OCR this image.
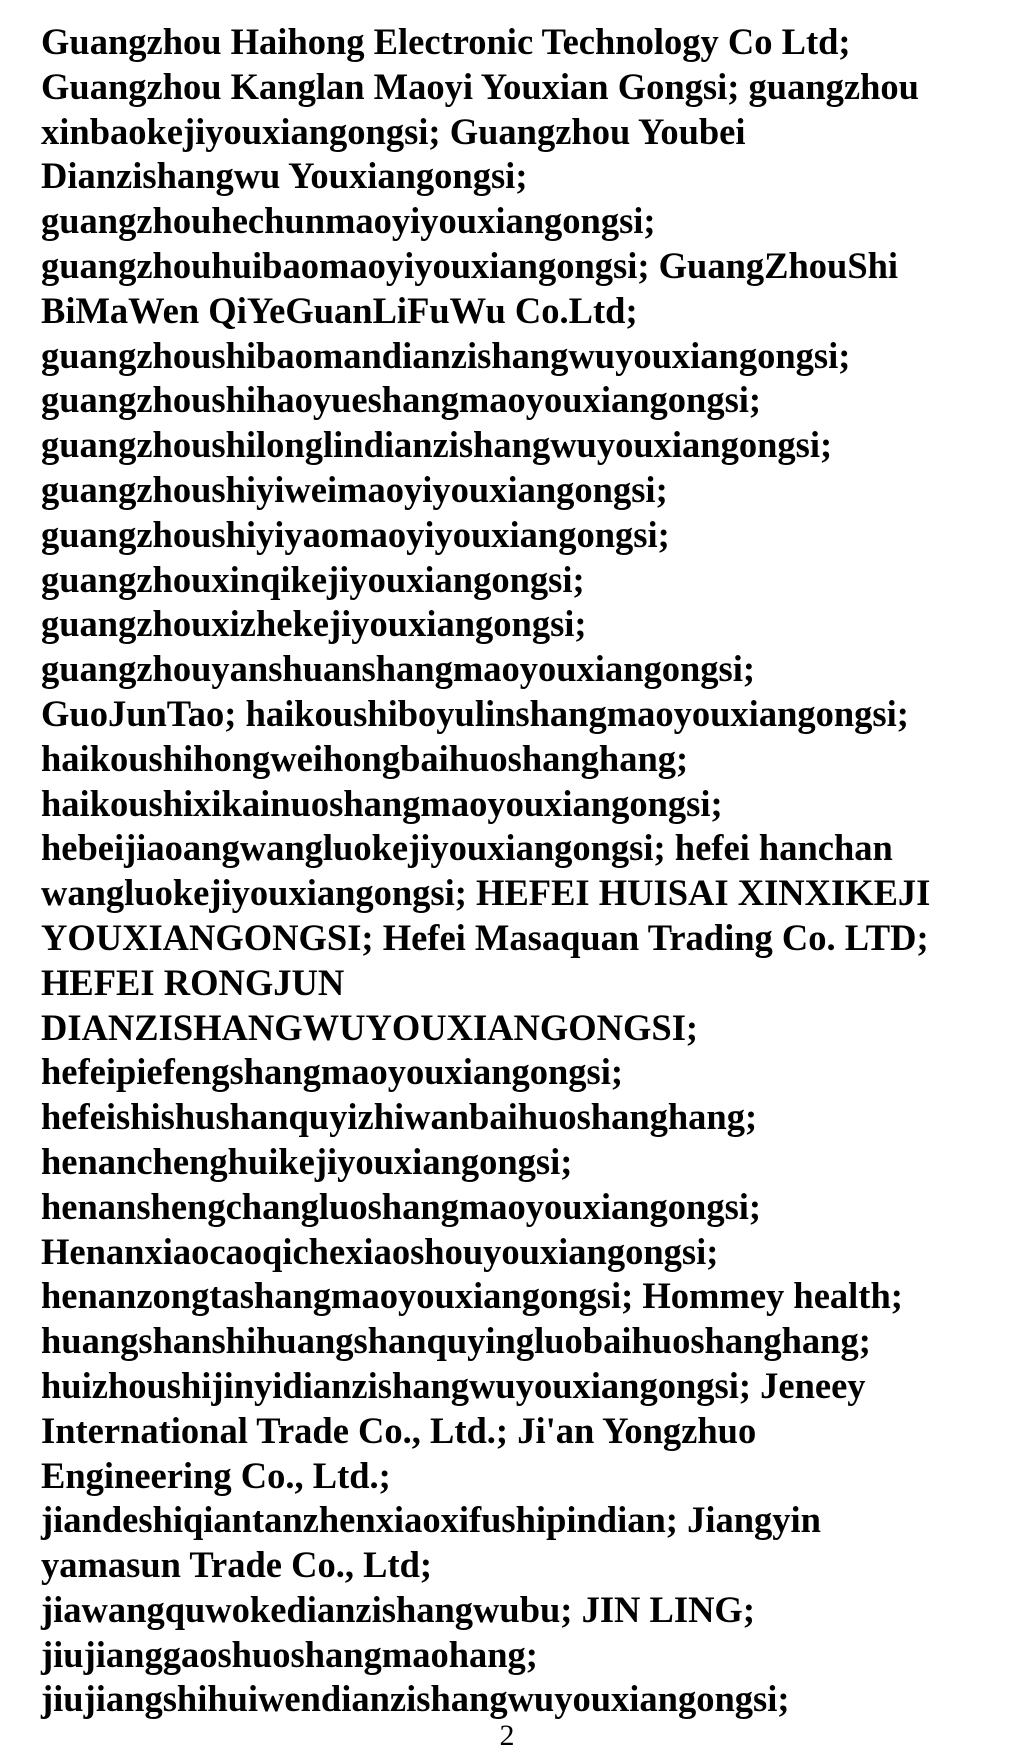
Guangzhou Haihong Electronic Technology Co Ltd;
Guangzhou Kanglan Maoyi Youxian Gongsi; guangzhou
xinbaokejiyouxiangongsi; Guangzhou Youbei
Dianzishangwu Youxiangongsi;
guangzhouhechunmaoyiyouxiangongsi;
guangzhouhuibaomaoyiyouxiangongsi; GuangZhouShi
BiMaWen QiYeGuanLiFuWu Co.Ltd;
guangzhoushibaomandianzishangwuyouxiangongsi;
guangzhoushihaoyueshangmaoyouxiangongsi;
guangzhoushilonglindianzishangwuyouxiangongsi;
guangzhoushiyiweimaoyiyouxiangongsi;
guangzhoushiyiyaomaoyiyouxiangongsi;
guangzhouxinqikejiyouxiangongsi;
guangzhouxizhekejiyouxiangongsi;
guangzhouyanshuanshangmaoyouxiangongsi;
GuoJunTao; haikoushiboyulinshangmaoyouxiangongsi;
haikoushihongweihongbaihuoshanghang;
haikoushixikainuoshangmaoyouxiangongsi;
hebeijiaoangwangluokejiyouxiangongsi; hefei hanchan
wangluokejiyouxiangongsi; HEFEI HUISAI XINXIKEJI
YOUXIANGONGSI; Hefei Masaquan Trading Co. LTD;
HEFEI RONGJUN
DIANZISHANGWUYOUXIANGONGSI;
hefeipiefengshangmaoyouxiangongsi;
hefeishishushanquyizhiwanbaihuoshanghang;
henanchenghuikejiyouxiangongsi;
henanshengchangluoshangmaoyouxiangongsi;
Henanxiaocaoqichexiaoshouyouxiangongsi;
henanzongtashangmaoyouxiangongsi; Hommey health;
huangshanshihuangshanquyingluobaihuoshanghang;
huizhoushijinyidianzishangwuyouxiangongsi; Jeneey
International Trade Co., Ltd.; Ji'an Yongzhuo
Engineering Co., Ltd.;
jiandeshiqiantanzhenxiaoxifushipindian; Jiangyin
yamasun Trade Co., Ltd;
jiawangquwokedianzishangwubu; JIN LING;
jiujianggaoshuoshangmaohang;
jiujiangshihuiwendianzishangwuyouxiangongsi;
2
